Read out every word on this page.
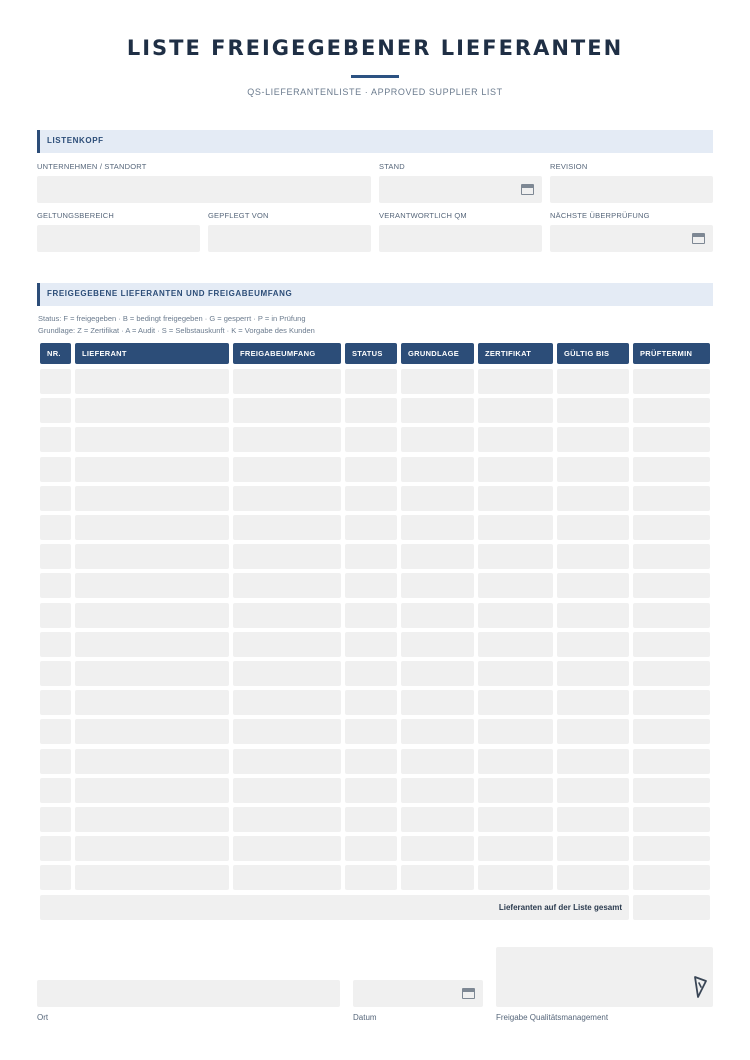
LISTE FREIGEGEBENER LIEFERANTEN
QS-LIEFERANTENLISTE · APPROVED SUPPLIER LIST
LISTENKOPF
UNTERNEHMEN / STANDORT	STAND	REVISION
GELTUNGSBEREICH	GEPFLEGT VON	VERANTWORTLICH QM	NÄCHSTE ÜBERPRÜFUNG
FREIGEGEBENE LIEFERANTEN UND FREIGABEUMFANG
Status: F = freigegeben · B = bedingt freigegeben · G = gesperrt · P = in Prüfung
Grundlage: Z = Zertifikat · A = Audit · S = Selbstauskunft · K = Vorgabe des Kunden
NR.	LIEFERANT	FREIGABEUMFANG	STATUS	GRUNDLAGE	ZERTIFIKAT	GÜLTIG BIS	PRÜFTERMIN
Lieferanten auf der Liste gesamt
Ort	Datum	Freigabe Qualitätsmanagement
